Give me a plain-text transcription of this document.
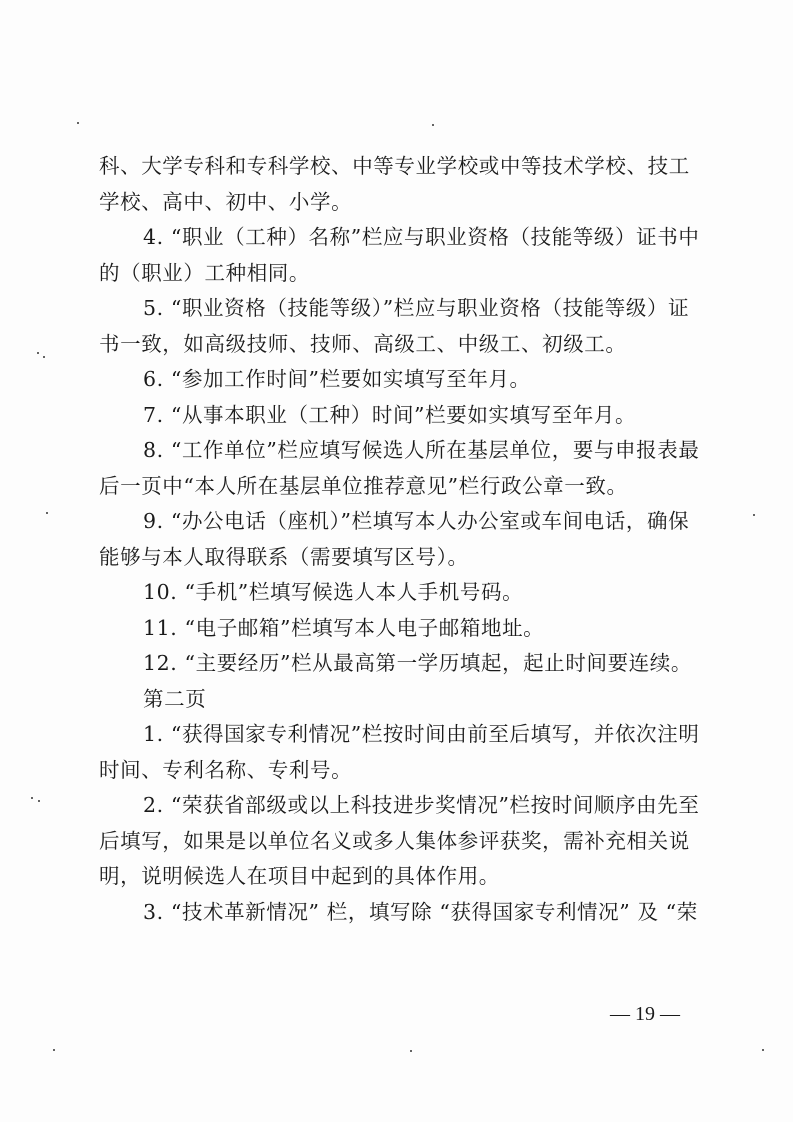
科、大学专科和专科学校、中等专业学校或中等技术学校、技工
学校、高中、初中、小学。
4. “职业（工种）名称”栏应与职业资格（技能等级）证书中
的（职业）工种相同。
5. “职业资格（技能等级）”栏应与职业资格（技能等级）证
书一致，如高级技师、技师、高级工、中级工、初级工。
6. “参加工作时间”栏要如实填写至年月。
7. “从事本职业（工种）时间”栏要如实填写至年月。
8. “工作单位”栏应填写候选人所在基层单位，要与申报表最
后一页中“本人所在基层单位推荐意见”栏行政公章一致。
9. “办公电话（座机）”栏填写本人办公室或车间电话，确保
能够与本人取得联系（需要填写区号）。
10. “手机”栏填写候选人本人手机号码。
11. “电子邮箱”栏填写本人电子邮箱地址。
12. “主要经历”栏从最高第一学历填起，起止时间要连续。
第二页
1. “获得国家专利情况”栏按时间由前至后填写，并依次注明
时间、专利名称、专利号。
2. “荣获省部级或以上科技进步奖情况”栏按时间顺序由先至
后填写，如果是以单位名义或多人集体参评获奖，需补充相关说
明，说明候选人在项目中起到的具体作用。
3. “技术革新情况” 栏，填写除 “获得国家专利情况” 及 “荣
— 19 —
